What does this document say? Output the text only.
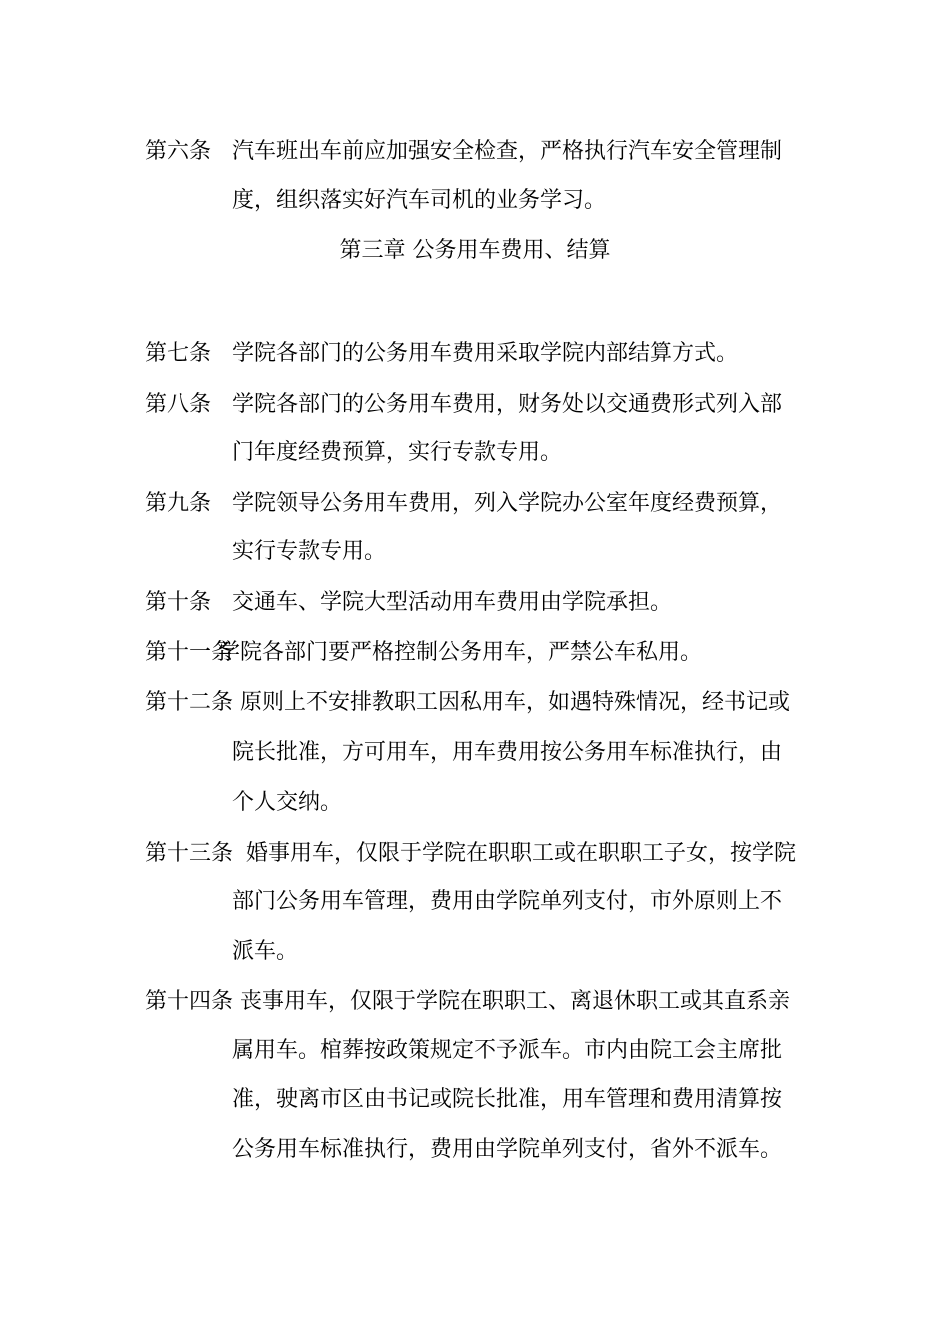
第六条 汽车班出车前应加强安全检查，严格执行汽车安全管理制
度，组织落实好汽车司机的业务学习。
第三章 公务用车费用、结算
第七条 学院各部门的公务用车费用采取学院内部结算方式。
第八条 学院各部门的公务用车费用，财务处以交通费形式列入部
门年度经费预算，实行专款专用。
第九条 学院领导公务用车费用，列入学院办公室年度经费预算，
实行专款专用。
第十条 交通车、学院大型活动用车费用由学院承担。
第十一条
学院各部门要严格控制公务用车，严禁公车私用。
第十二条 原则上不安排教职工因私用车，如遇特殊情况，经书记或
院长批准，方可用车，用车费用按公务用车标准执行，由
个人交纳。
第十三条 婚事用车，仅限于学院在职职工或在职职工子女，按学院
部门公务用车管理，费用由学院单列支付，市外原则上不
派车。
第十四条 丧事用车，仅限于学院在职职工、离退休职工或其直系亲
属用车。棺葬按政策规定不予派车。市内由院工会主席批
准，驶离市区由书记或院长批准，用车管理和费用清算按
公务用车标准执行，费用由学院单列支付，省外不派车。
